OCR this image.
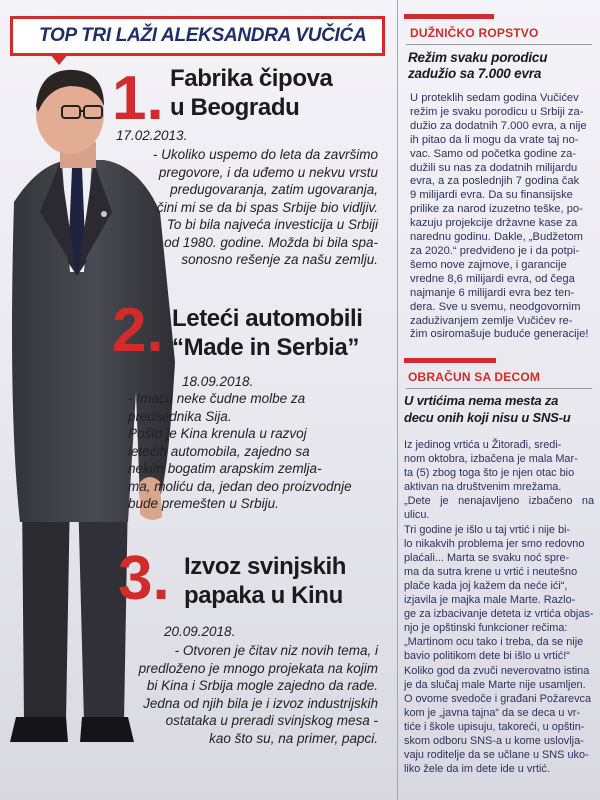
TOP TRI LAŽI ALEKSANDRA VUČIĆA
1. Fabrika čipova
u Beogradu
17.02.2013.
- Ukoliko uspemo do leta da završimo
pregovore, i da uđemo u nekvu vrstu
predugovaranja, zatim ugovaranja,
čini mi se da bi spas Srbije bio vidljiv.
To bi bila najveća investicija u Srbiji
od 1980. godine. Možda bi bila spa-
sonosno rešenje za našu zemlju.
2. Leteći automobili
“Made in Serbia”
18.09.2018.
- Imaću neke čudne molbe za
predsednika Sija.
Pošto je Kina krenula u razvoj
letećih automobila, zajedno sa
nekim bogatim arapskim zemlja-
ma, moliću da, jedan deo proizvodnje
bude premešten u Srbiju.
3. Izvoz svinjskih
papaka u Kinu
20.09.2018.
- Otvoren je čitav niz novih tema, i
predloženo je mnogo projekata na kojim
bi Kina i Srbija mogle zajedno da rade.
Jedna od njih bila je i izvoz industrijskih
ostataka u preradi svinjskog mesa -
kao što su, na primer, papci.
DUŽNIČKO ROPSTVO
Režim svaku porodicu
zadužio sa 7.000 evra
U proteklih sedam godina Vučićev
režim je svaku porodicu u Srbiji za-
dužio za dodatnih 7.000 evra, a nije
ih pitao da li mogu da vrate taj no-
vac. Samo od početka godine za-
dužili su nas za dodatnih milijardu
evra, a za poslednjih 7 godina čak
9 milijardi evra. Da su finansijske
prilike za narod izuzetno teške, po-
kazuju projekcije državne kase za
narednu godinu. Dakle, „Budžetom
za 2020.“ predviđeno je i da potpi-
šemo nove zajmove, i garancije
vredne 8,6 milijardi evra, od čega
najmanje 6 milijardi evra bez ten-
dera. Sve u svemu, neodgovornim
zaduživanjem zemlje Vučićev re-
žim osiromašuje buduće generacije!
OBRAČUN SA DECOM
U vrtićima nema mesta za
decu onih koji nisu u SNS-u
Iz jedinog vrtića u Žitorađi, sredi-
nom oktobra, izbačena je mala Mar-
ta (5) zbog toga što je njen otac bio
aktivan na društvenim mrežama.
„Dete je nenajavljeno izbačeno na ulicu.
Tri godine je išlo u taj vrtić i nije bi-
lo nikakvih problema jer smo redovno
plaćali... Marta se svaku noć spre-
ma da sutra krene u vrtić i neutešno
plače kada joj kažem da neće ići“,
izjavila je majka male Marte. Razlo-
ge za izbacivanje deteta iz vrtića objas-
njo je opštinski funkcioner rečima:
„Martinom ocu tako i treba, da se nije
bavio politikom dete bi išlo u vrtić!“
Koliko god da zvuči neverovatno istina
je da slučaj male Marte nije usamljen.
O ovome svedoče i građani Požarevca
kom je „javna tajna“ da se deca u vr-
tiće i škole upisuju, takoreći, u opštin-
skom odboru SNS-a u kome uslovlja-
vaju roditelje da se učlane u SNS uko-
liko žele da im dete ide u vrtić.
